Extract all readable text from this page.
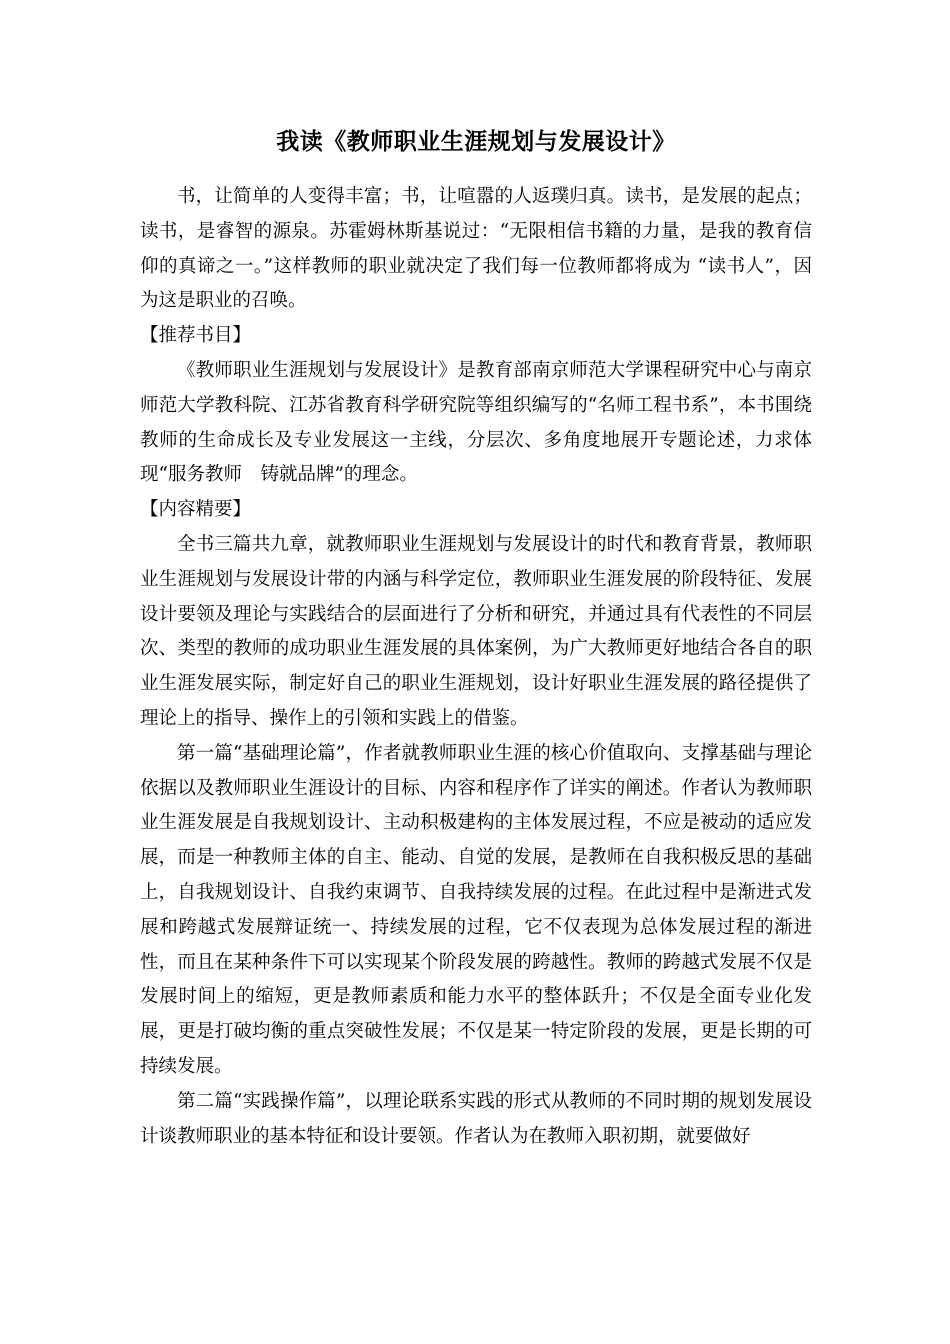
我读《教师职业生涯规划与发展设计》

书，让简单的人变得丰富；书，让喧嚣的人返璞归真。读书，是发展的起点；读书，是睿智的源泉。苏霍姆林斯基说过：“无限相信书籍的力量，是我的教育信仰的真谛之一。”这样教师的职业就决定了我们每一位教师都将成为 “读书人”，因为这是职业的召唤。

【推荐书目】

《教师职业生涯规划与发展设计》是教育部南京师范大学课程研究中心与南京师范大学教科院、江苏省教育科学研究院等组织编写的“名师工程书系”，本书围绕教师的生命成长及专业发展这一主线，分层次、多角度地展开专题论述，力求体现“服务教师　铸就品牌”的理念。

【内容精要】

全书三篇共九章，就教师职业生涯规划与发展设计的时代和教育背景，教师职业生涯规划与发展设计带的内涵与科学定位，教师职业生涯发展的阶段特征、发展设计要领及理论与实践结合的层面进行了分析和研究，并通过具有代表性的不同层次、类型的教师的成功职业生涯发展的具体案例，为广大教师更好地结合各自的职业生涯发展实际，制定好自己的职业生涯规划，设计好职业生涯发展的路径提供了理论上的指导、操作上的引领和实践上的借鉴。

第一篇“基础理论篇”，作者就教师职业生涯的核心价值取向、支撑基础与理论依据以及教师职业生涯设计的目标、内容和程序作了详实的阐述。作者认为教师职业生涯发展是自我规划设计、主动积极建构的主体发展过程，不应是被动的适应发展，而是一种教师主体的自主、能动、自觉的发展，是教师在自我积极反思的基础上，自我规划设计、自我约束调节、自我持续发展的过程。在此过程中是渐进式发展和跨越式发展辩证统一、持续发展的过程，它不仅表现为总体发展过程的渐进性，而且在某种条件下可以实现某个阶段发展的跨越性。教师的跨越式发展不仅是发展时间上的缩短，更是教师素质和能力水平的整体跃升；不仅是全面专业化发展，更是打破均衡的重点突破性发展；不仅是某一特定阶段的发展，更是长期的可持续发展。

第二篇“实践操作篇”，以理论联系实践的形式从教师的不同时期的规划发展设计谈教师职业的基本特征和设计要领。作者认为在教师入职初期，就要做好
